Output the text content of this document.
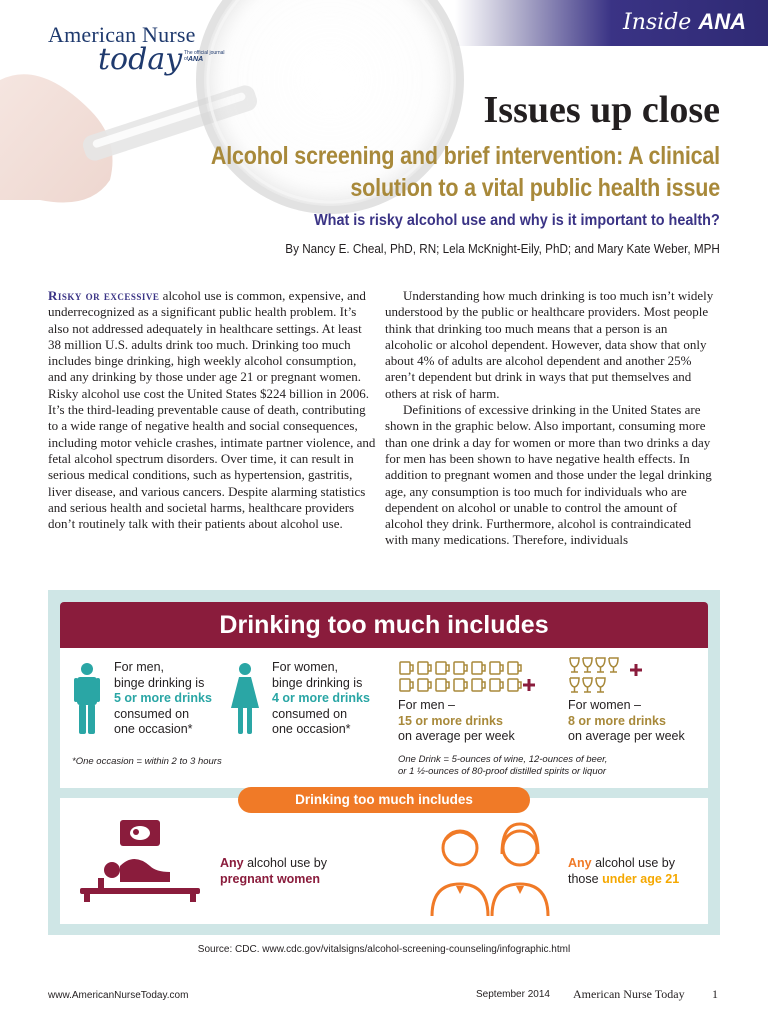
American Nurse
today The official journal of ANA
Inside ANA
Issues up close
Alcohol screening and brief intervention: A clinical solution to a vital public health issue
What is risky alcohol use and why is it important to health?
By Nancy E. Cheal, PhD, RN; Lela McKnight-Eily, PhD; and Mary Kate Weber, MPH

Risky or excessive alcohol use is common, expensive, and underrecognized as a significant public health problem. It’s also not addressed adequately in healthcare settings. At least 38 million U.S. adults drink too much. Drinking too much includes binge drinking, high weekly alcohol consumption, and any drinking by those under age 21 or pregnant women. Risky alcohol use cost the United States $224 billion in 2006. It’s the third-leading preventable cause of death, contributing to a wide range of negative health and social consequences, including motor vehicle crashes, intimate partner violence, and fetal alcohol spectrum disorders. Over time, it can result in serious medical conditions, such as hypertension, gastritis, liver disease, and various cancers. Despite alarming statistics and serious health and societal harms, healthcare providers don’t routinely talk with their patients about alcohol use.

Understanding how much drinking is too much isn’t widely understood by the public or healthcare providers. Most people think that drinking too much means that a person is an alcoholic or alcohol dependent. However, data show that only about 4% of adults are alcohol dependent and another 25% aren’t dependent but drink in ways that put themselves and others at risk of harm.

Definitions of excessive drinking in the United States are shown in the graphic below. Also important, consuming more than one drink a day for women or more than two drinks a day for men has been shown to have negative health effects. In addition to pregnant women and those under the legal drinking age, any consumption is too much for individuals who are dependent on alcohol or unable to control the amount of alcohol they drink. Furthermore, alcohol is contraindicated with many medications. Therefore, individuals

Drinking too much includes
For men,
binge drinking is
5 or more drinks
consumed on
one occasion*
For women,
binge drinking is
4 or more drinks
consumed on
one occasion*
*One occasion = within 2 to 3 hours
For men –
15 or more drinks
on average per week
For women –
8 or more drinks
on average per week
One Drink = 5-ounces of wine, 12-ounces of beer,
or 1 ½-ounces of 80-proof distilled spirits or liquor
Any alcohol use by
pregnant women
Any alcohol use by
those under age 21
Drinking too much includes
Source: CDC. www.cdc.gov/vitalsigns/alcohol-screening-counseling/infographic.html
www.AmericanNurseToday.com	September 2014 American Nurse Today 1
